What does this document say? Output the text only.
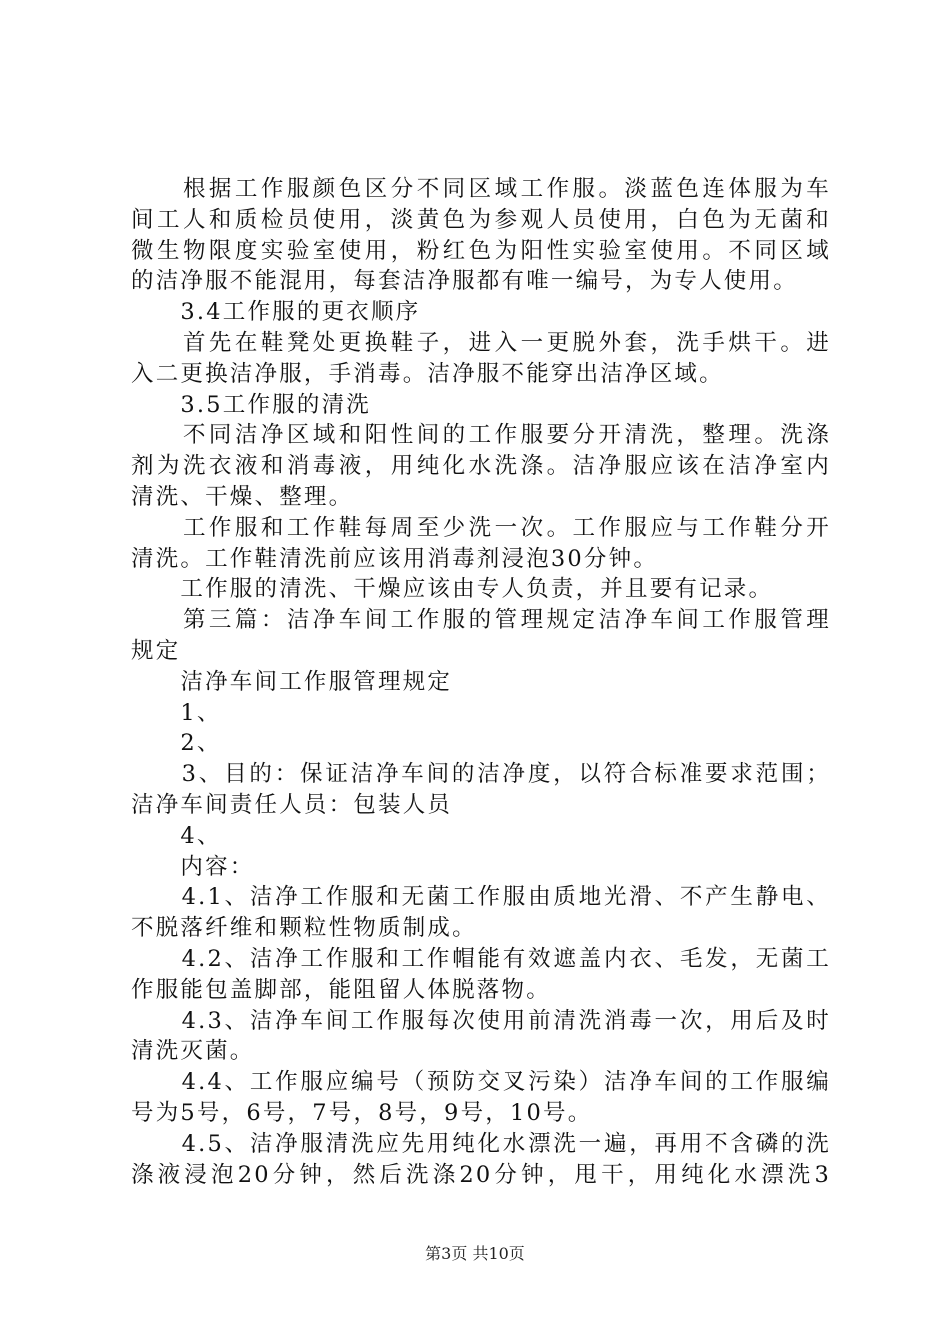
　　根据工作服颜色区分不同区域工作服。淡蓝色连体服为车
间工人和质检员使用，淡黄色为参观人员使用，白色为无菌和
微生物限度实验室使用，粉红色为阳性实验室使用。不同区域
的洁净服不能混用，每套洁净服都有唯一编号，为专人使用。
　　3.4工作服的更衣顺序
　　首先在鞋凳处更换鞋子，进入一更脱外套，洗手烘干。进
入二更换洁净服，手消毒。洁净服不能穿出洁净区域。
　　3.5工作服的清洗
　　不同洁净区域和阳性间的工作服要分开清洗，整理。洗涤
剂为洗衣液和消毒液，用纯化水洗涤。洁净服应该在洁净室内
清洗、干燥、整理。
　　工作服和工作鞋每周至少洗一次。工作服应与工作鞋分开
清洗。工作鞋清洗前应该用消毒剂浸泡30分钟。
　　工作服的清洗、干燥应该由专人负责，并且要有记录。
　　第三篇：洁净车间工作服的管理规定洁净车间工作服管理
规定
　　洁净车间工作服管理规定
　　1、
　　2、
　　3、目的：保证洁净车间的洁净度，以符合标准要求范围；
洁净车间责任人员：包装人员
　　4、
　　内容：
　　4.1、洁净工作服和无菌工作服由质地光滑、不产生静电、
不脱落纤维和颗粒性物质制成。
　　4.2、洁净工作服和工作帽能有效遮盖内衣、毛发，无菌工
作服能包盖脚部，能阻留人体脱落物。
　　4.3、洁净车间工作服每次使用前清洗消毒一次，用后及时
清洗灭菌。
　　4.4、工作服应编号（预防交叉污染）洁净车间的工作服编
号为5号，6号，7号，8号，9号，10号。
　　4.5、洁净服清洗应先用纯化水漂洗一遍，再用不含磷的洗
涤液浸泡20分钟，然后洗涤20分钟，甩干，用纯化水漂洗3
第3页 共10页
